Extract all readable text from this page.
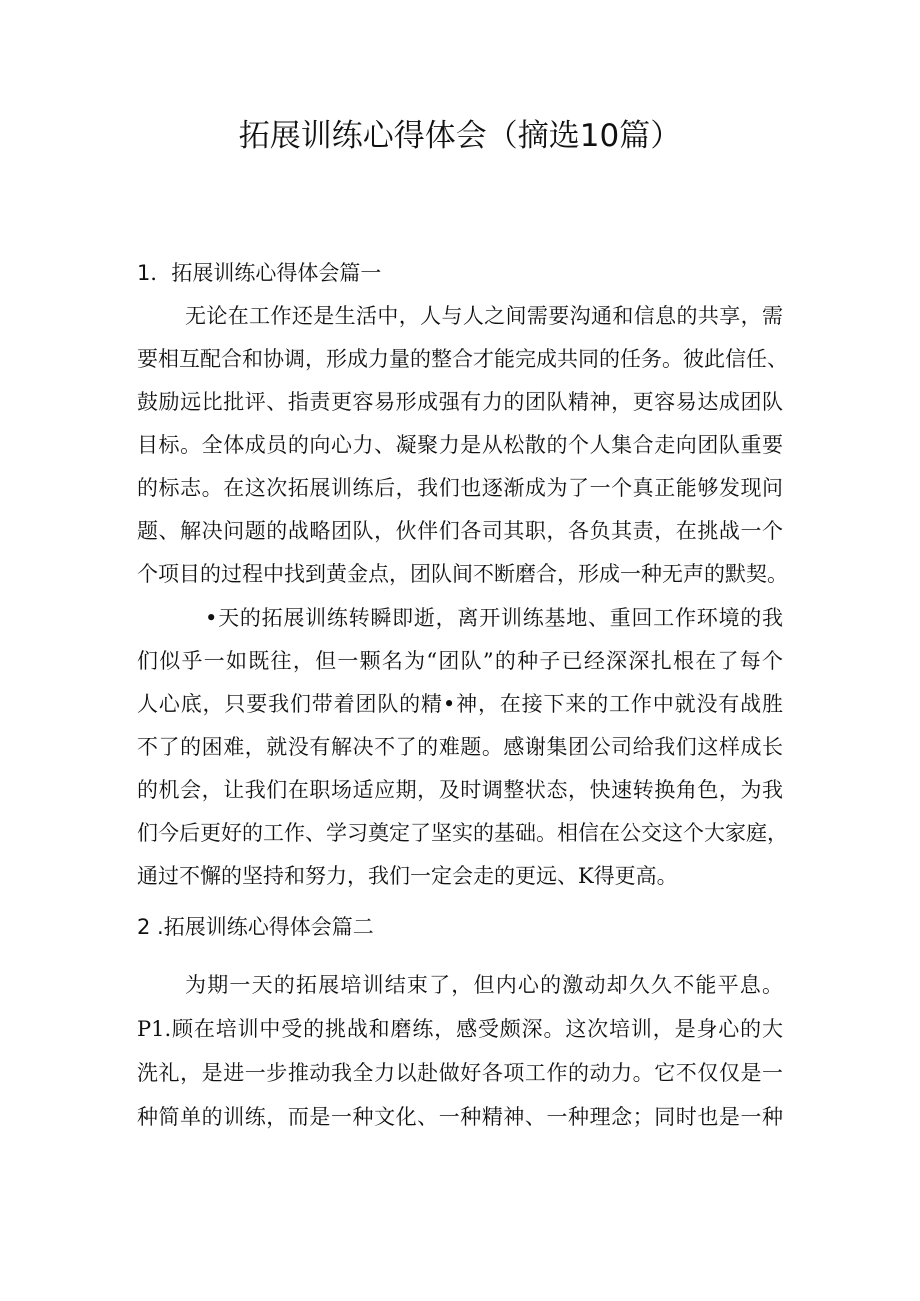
拓展训练心得体会（摘选10篇）
1．拓展训练心得体会篇一

无论在工作还是生活中，人与人之间需要沟通和信息的共享，需

要相互配合和协调，形成力量的整合才能完成共同的任务。彼此信任、

鼓励远比批评、指责更容易形成强有力的团队精神，更容易达成团队

目标。全体成员的向心力、凝聚力是从松散的个人集合走向团队重要

的标志。在这次拓展训练后，我们也逐渐成为了一个真正能够发现问

题、解决问题的战略团队，伙伴们各司其职，各负其责，在挑战一个

个项目的过程中找到黄金点，团队间不断磨合，形成一种无声的默契。

•天的拓展训练转瞬即逝，离开训练基地、重回工作环境的我

们似乎一如既往，但一颗名为“团队”的种子已经深深扎根在了每个

人心底，只要我们带着团队的精•神，在接下来的工作中就没有战胜

不了的困难，就没有解决不了的难题。感谢集团公司给我们这样成长

的机会，让我们在职场适应期，及时调整状态，快速转换角色，为我

们今后更好的工作、学习奠定了坚实的基础。相信在公交这个大家庭，

通过不懈的坚持和努力，我们一定会走的更远、K得更高。

2 .拓展训练心得体会篇二

为期一天的拓展培训结束了，但内心的激动却久久不能平息。

P1.顾在培训中受的挑战和磨练，感受颇深。这次培训，是身心的大

洗礼，是进一步推动我全力以赴做好各项工作的动力。它不仅仅是一

种简单的训练，而是一种文化、一种精神、一种理念；同时也是一种
